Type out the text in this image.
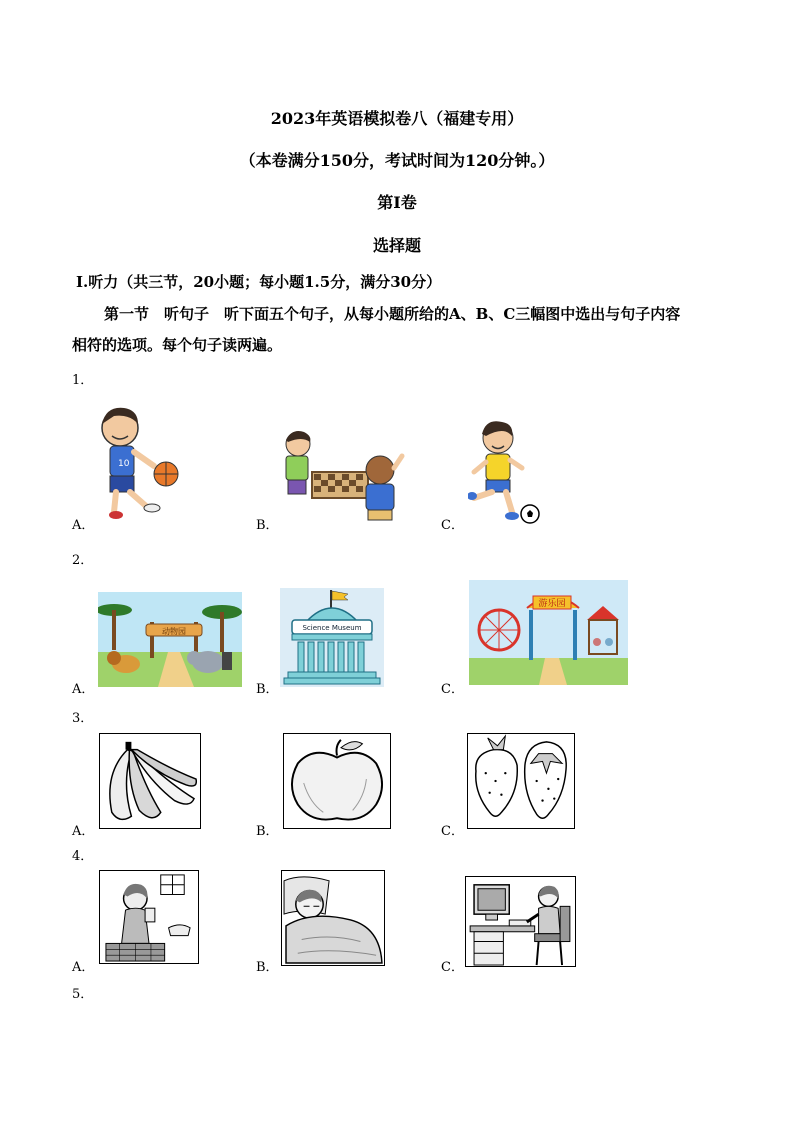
2023年英语模拟卷八（福建专用）
（本卷满分150分，考试时间为120分钟。）
第Ⅰ卷
选择题
Ⅰ.听力（共三节，20小题；每小题1.5分，满分30分）
第一节　听句子　听下面五个句子，从每小题所给的A、B、C三幅图中选出与句子内容
相符的选项。每个句子读两遍。
1．
A．	B．	C．
10
2．
A．	B．	C．
动物园	Science Museum
游乐园
3．
A．	B．	C．
4．
A．	B．	C．
5．
